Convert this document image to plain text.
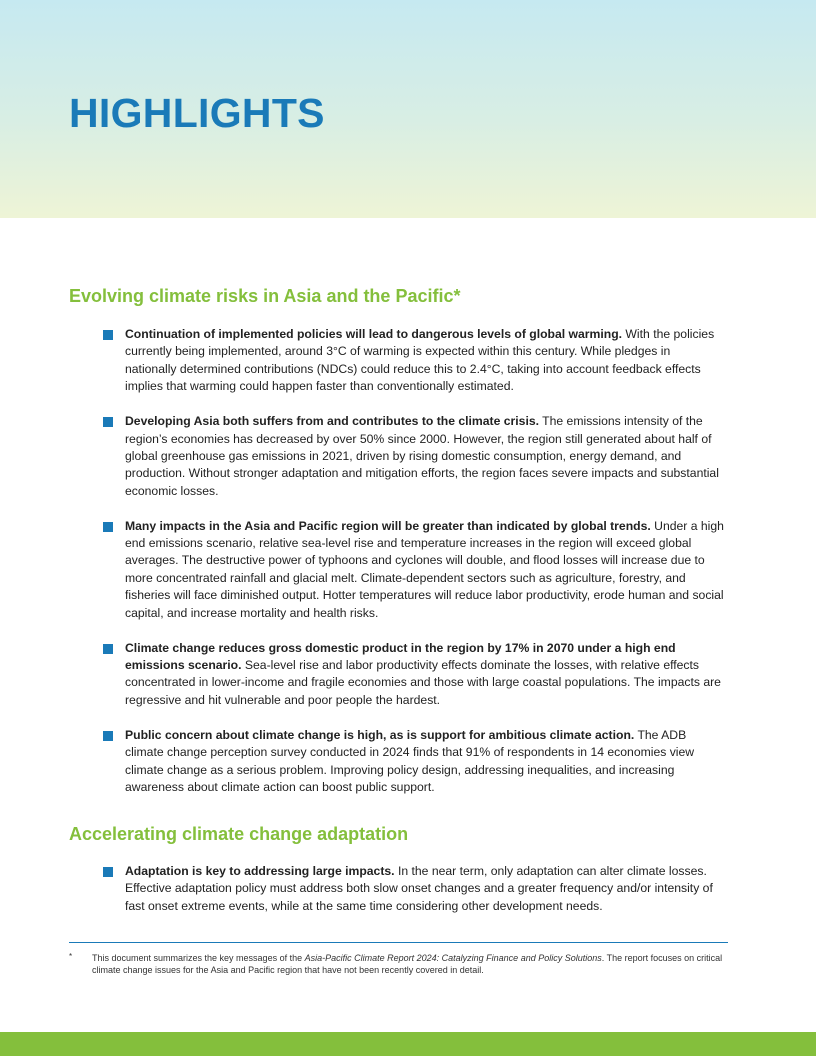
HIGHLIGHTS
Evolving climate risks in Asia and the Pacific*
Continuation of implemented policies will lead to dangerous levels of global warming. With the policies currently being implemented, around 3°C of warming is expected within this century. While pledges in nationally determined contributions (NDCs) could reduce this to 2.4°C, taking into account feedback effects implies that warming could happen faster than conventionally estimated.
Developing Asia both suffers from and contributes to the climate crisis. The emissions intensity of the region’s economies has decreased by over 50% since 2000. However, the region still generated about half of global greenhouse gas emissions in 2021, driven by rising domestic consumption, energy demand, and production. Without stronger adaptation and mitigation efforts, the region faces severe impacts and substantial economic losses.
Many impacts in the Asia and Pacific region will be greater than indicated by global trends. Under a high end emissions scenario, relative sea-level rise and temperature increases in the region will exceed global averages. The destructive power of typhoons and cyclones will double, and flood losses will increase due to more concentrated rainfall and glacial melt. Climate-dependent sectors such as agriculture, forestry, and fisheries will face diminished output. Hotter temperatures will reduce labor productivity, erode human and social capital, and increase mortality and health risks.
Climate change reduces gross domestic product in the region by 17% in 2070 under a high end emissions scenario. Sea-level rise and labor productivity effects dominate the losses, with relative effects concentrated in lower-income and fragile economies and those with large coastal populations. The impacts are regressive and hit vulnerable and poor people the hardest.
Public concern about climate change is high, as is support for ambitious climate action. The ADB climate change perception survey conducted in 2024 finds that 91% of respondents in 14 economies view climate change as a serious problem. Improving policy design, addressing inequalities, and increasing awareness about climate action can boost public support.
Accelerating climate change adaptation
Adaptation is key to addressing large impacts. In the near term, only adaptation can alter climate losses. Effective adaptation policy must address both slow onset changes and a greater frequency and/or intensity of fast onset extreme events, while at the same time considering other development needs.
*	This document summarizes the key messages of the Asia-Pacific Climate Report 2024: Catalyzing Finance and Policy Solutions. The report focuses on critical climate change issues for the Asia and Pacific region that have not been recently covered in detail.
